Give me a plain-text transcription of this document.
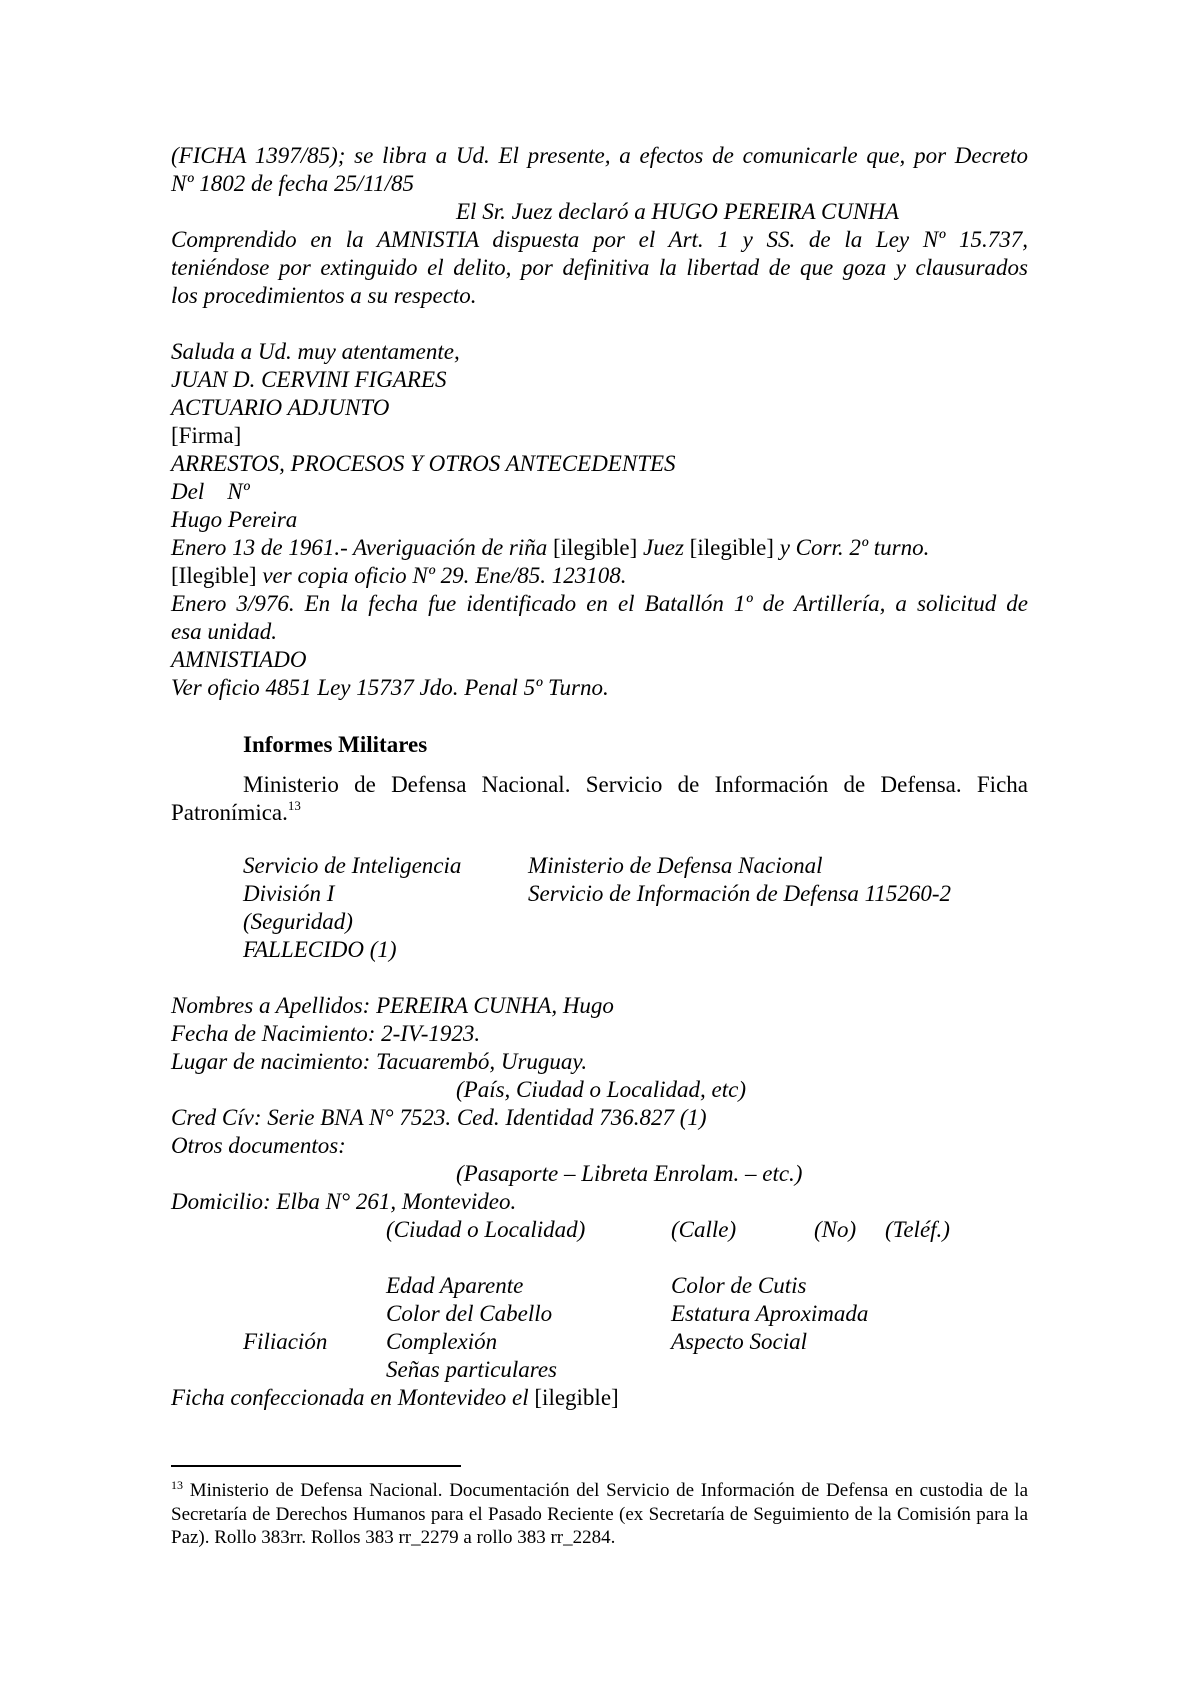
(FICHA 1397/85); se libra a Ud. El presente, a efectos de comunicarle que, por Decreto
Nº 1802 de fecha 25/11/85
El Sr. Juez declaró a HUGO PEREIRA CUNHA
Comprendido en la AMNISTIA dispuesta por el Art. 1 y SS. de la Ley Nº 15.737,
teniéndose por extinguido el delito, por definitiva la libertad de que goza y clausurados
los procedimientos a su respecto.
Saluda a Ud. muy atentamente,
JUAN D. CERVINI FIGARES
ACTUARIO ADJUNTO
[Firma]
ARRESTOS, PROCESOS Y OTROS ANTECEDENTES
Del    Nº
Hugo Pereira
Enero 13 de 1961.- Averiguación de riña [ilegible] Juez [ilegible] y Corr. 2º turno.
[Ilegible] ver copia oficio Nº 29. Ene/85. 123108.
Enero 3/976. En la fecha fue identificado en el Batallón 1º de Artillería, a solicitud de
esa unidad.
AMNISTIADO
Ver oficio 4851 Ley 15737 Jdo. Penal 5º Turno.
Informes Militares
Ministerio de Defensa Nacional. Servicio de Información de Defensa. Ficha
Patronímica.$^{13}$
Servicio de Inteligencia
División I
(Seguridad)
FALLECIDO (1)
Ministerio de Defensa Nacional
Servicio de Información de Defensa 115260-2
Nombres a Apellidos: PEREIRA CUNHA, Hugo
Fecha de Nacimiento: 2-IV-1923.
Lugar de nacimiento: Tacuarembó, Uruguay.
(País, Ciudad o Localidad, etc)
Cred Cív: Serie BNA N° 7523. Ced. Identidad 736.827 (1)
Otros documentos:
(Pasaporte – Libreta Enrolam. – etc.)
Domicilio: Elba N° 261, Montevideo.
(Ciudad o Localidad)	(Calle)	(No) (Teléf.)
Edad Aparente
Color del Cabello
Complexión
Señas particulares
Color de Cutis
Estatura Aproximada
Aspecto Social
Filiación
Ficha confeccionada en Montevideo el [ilegible]
$^{13}$ Ministerio de Defensa Nacional. Documentación del Servicio de Información de Defensa en custodia de la Secretaría de Derechos Humanos para el Pasado Reciente (ex Secretaría de Seguimiento de la Comisión para la Paz). Rollo 383rr. Rollos 383 rr_2279 a rollo 383 rr_2284.
